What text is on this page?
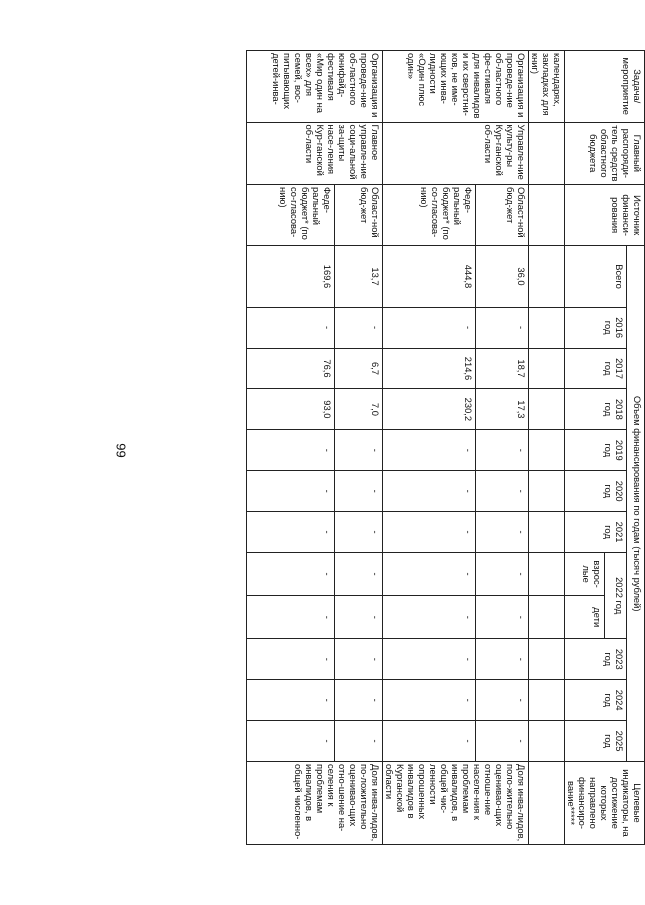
99
Задача/ мероприятие	Главный распоряди-тель средств областного бюджета	Источник финанси-рования	Объем финансирования по годам (тысяч рублей)												Целевые индикаторы, на достижение которых направлено финансиро-вание*****
			Всего	2016 год	2017 год	2018 год	2019 год	2020 год	2021 год	2022 год		2023 год	2024 год	2025 год	
										взрос-лые	дети				
календарях, закладках для книг)															
Организация и проведе-ние об-ластного фе-стиваля для инвалидов и их сверстни-ков, не име-ющих инва-лидности «Один плюс один»	Управле-ние культу-ры Кур-ганской об-ласти	Област-ной бюд-жет	36,0	-	18,7	17,3	-	-	-	-	-	-	-	-	Доля инва-лидов, поло-жительно оценивао-щих отноше-ние населе-ния к проблемам инвалидов, в общей чис-ленности опрошенных инвалидов в Курганской области
		Феде-ральный бюджет* (по со-гласова-нию)	444,8	-	214,6	230,2	-	-	-	-	-	-	-	-	
Организация и проведе-ние об-ластного юнифайд-фестиваля «Мир один на всех» для семей, вос-питывающих детей-инва-	Главное управле-ние соци-альной за-щиты насе-ления Кур-ганской об-ласти	Област-ной бюд-жет	13,7	-	6,7	7,0	-	-	-	-	-	-	-	-	Доля инва-лидов, по-ложительно оценивао-щих отно-шение на-селения к проблемам инвалидов, в общей численно-
		Феде-ральный бюджет* (по со-гласова-нию)	169,6	-	76,6	93,0	-	-	-	-	-	-	-	-	
